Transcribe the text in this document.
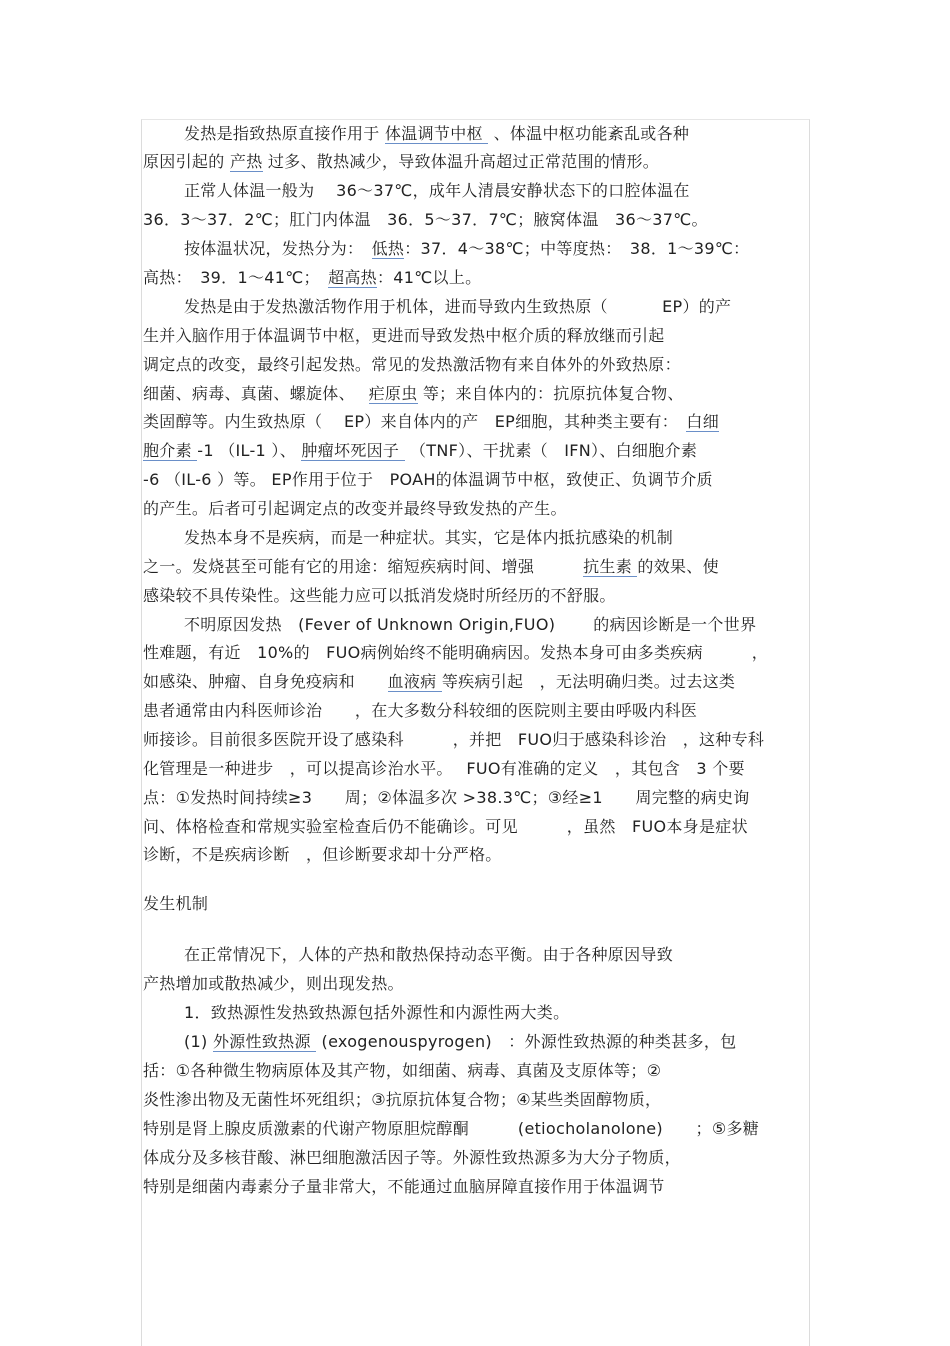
发热是指致热原直接作用于 体温调节中枢  、体温中枢功能紊乱或各种
原因引起的 产热 过多、散热减少，导致体温升高超过正常范围的情形。
正常人体温一般为　 36～37℃，成年人清晨安静状态下的口腔体温在
36．3～37．2℃；肛门内体温　36．5～37．7℃；腋窝体温　36～37℃。
按体温状况，发热分为：　低热：37．4～38℃；中等度热：　38．1～39℃：
高热：　39．1～41℃；　超高热：41℃以上。
发热是由于发热激活物作用于机体，进而导致内生致热原（　　　 EP）的产
生并入脑作用于体温调节中枢，更进而导致发热中枢介质的释放继而引起
调定点的改变，最终引起发热。常见的发热激活物有来自体外的外致热原：
细菌、病毒、真菌、螺旋体、　 疟原虫 等；来自体内的：抗原抗体复合物、
类固醇等。内生致热原（　 EP）来自体内的产　EP细胞，其种类主要有：　白细
胞介素 -1 （IL-1 ）、 肿瘤坏死因子  （TNF）、干扰素（　IFN）、白细胞介素
-6 （IL-6 ）等。 EP作用于位于　POAH的体温调节中枢，致使正、负调节介质
的产生。后者可引起调定点的改变并最终导致发热的产生。
发热本身不是疾病，而是一种症状。其实，它是体内抵抗感染的机制
之一。发烧甚至可能有它的用途：缩短疾病时间、增强　　　抗生素 的效果、使
感染较不具传染性。这些能力应可以抵消发烧时所经历的不舒服。
不明原因发热　(Fever of Unknown Origin,FUO)　　 的病因诊断是一个世界
性难题，有近　10%的　FUO病例始终不能明确病因。发热本身可由多类疾病　　　，
如感染、肿瘤、自身免疫病和　　血液病 等疾病引起　，无法明确归类。过去这类
患者通常由内科医师诊治　　，在大多数分科较细的医院则主要由呼吸内科医
师接诊。目前很多医院开设了感染科　　　，并把　FUO归于感染科诊治　，这种专科
化管理是一种进步　，可以提高诊治水平。　 FUO有准确的定义　，其包含　3 个要
点：①发热时间持续≥3　　周；②体温多次 >38.3℃；③经≥1　　周完整的病史询
问、体格检查和常规实验室检查后仍不能确诊。可见　　　，虽然　FUO本身是症状
诊断，不是疾病诊断　，但诊断要求却十分严格。
发生机制
在正常情况下，人体的产热和散热保持动态平衡。由于各种原因导致
产热增加或散热减少，则出现发热。
1．致热源性发热致热源包括外源性和内源性两大类。
(1) 外源性致热源  (exogenouspyrogen)　：外源性致热源的种类甚多，包
括：①各种微生物病原体及其产物，如细菌、病毒、真菌及支原体等；②
炎性渗出物及无菌性坏死组织；③抗原抗体复合物；④某些类固醇物质，
特别是肾上腺皮质激素的代谢产物原胆烷醇酮　　　(etiocholanolone)　　；⑤多糖
体成分及多核苷酸、淋巴细胞激活因子等。外源性致热源多为大分子物质，
特别是细菌内毒素分子量非常大，不能通过血脑屏障直接作用于体温调节
